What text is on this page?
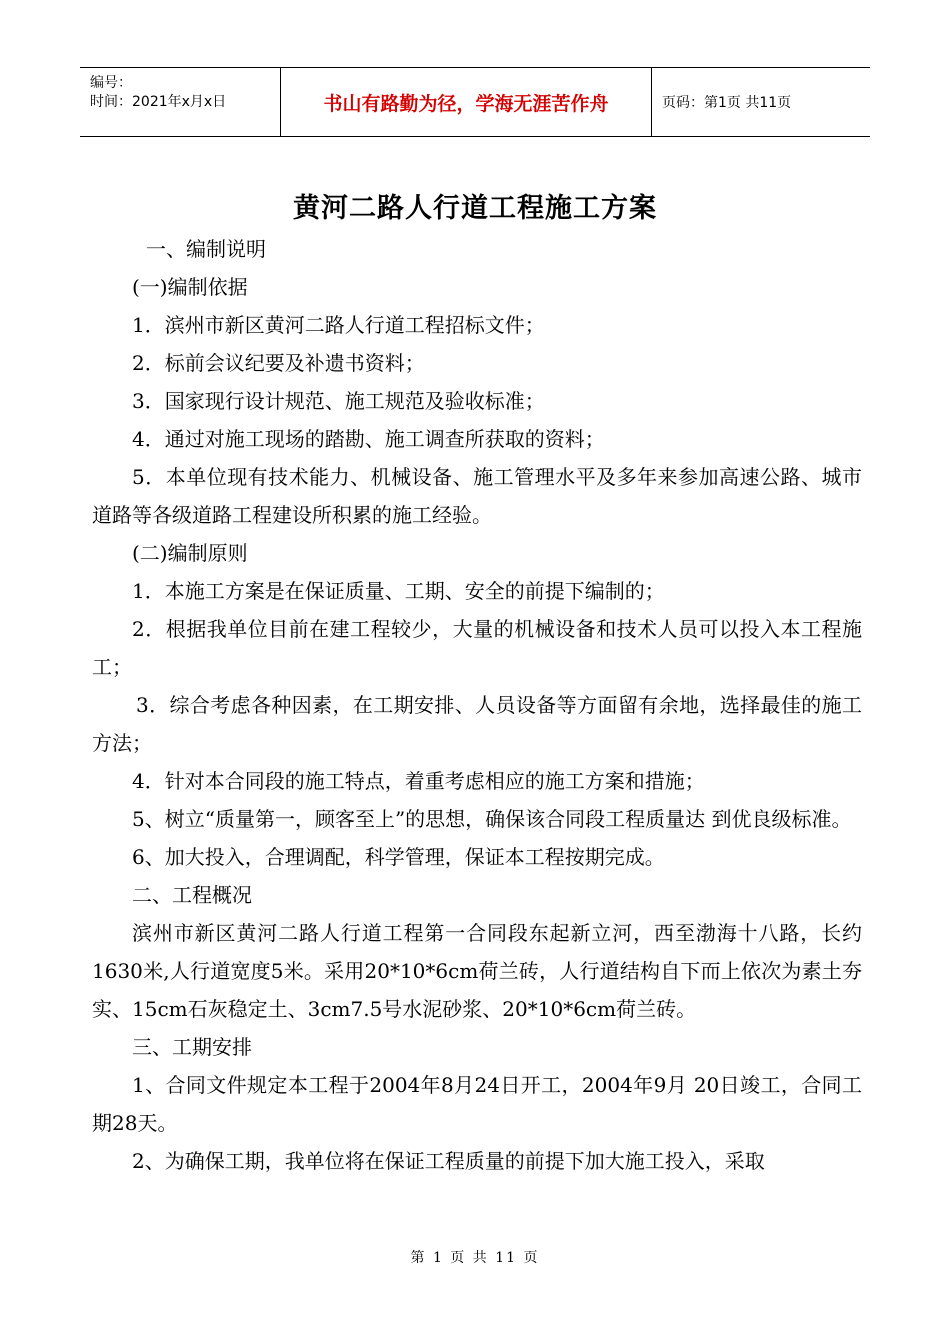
编号：
时间：2021年x月x日	书山有路勤为径，学海无涯苦作舟	页码：第1页 共11页
黄河二路人行道工程施工方案

一、编制说明

(一)编制依据

1．滨州市新区黄河二路人行道工程招标文件；

2．标前会议纪要及补遗书资料；

3．国家现行设计规范、施工规范及验收标准；

4．通过对施工现场的踏勘、施工调查所获取的资料；

5．本单位现有技术能力、机械设备、施工管理水平及多年来参加高速公路、城市道路等各级道路工程建设所积累的施工经验。

(二)编制原则

1．本施工方案是在保证质量、工期、安全的前提下编制的；

2．根据我单位目前在建工程较少，大量的机械设备和技术人员可以投入本工程施工；

3．综合考虑各种因素，在工期安排、人员设备等方面留有余地，选择最佳的施工方法；

4．针对本合同段的施工特点，着重考虑相应的施工方案和措施；

5、树立“质量第一，顾客至上”的思想，确保该合同段工程质量达 到优良级标准。

6、加大投入，合理调配，科学管理，保证本工程按期完成。

二、工程概况

滨州市新区黄河二路人行道工程第一合同段东起新立河，西至渤海十八路，长约1630米,人行道宽度5米。采用20*10*6cm荷兰砖，人行道结构自下而上依次为素土夯实、15cm石灰稳定土、3cm7.5号水泥砂浆、20*10*6cm荷兰砖。

三、工期安排

1、合同文件规定本工程于2004年8月24日开工，2004年9月 20日竣工，合同工期28天。

2、为确保工期，我单位将在保证工程质量的前提下加大施工投入，采取

第 1 页 共 11 页
